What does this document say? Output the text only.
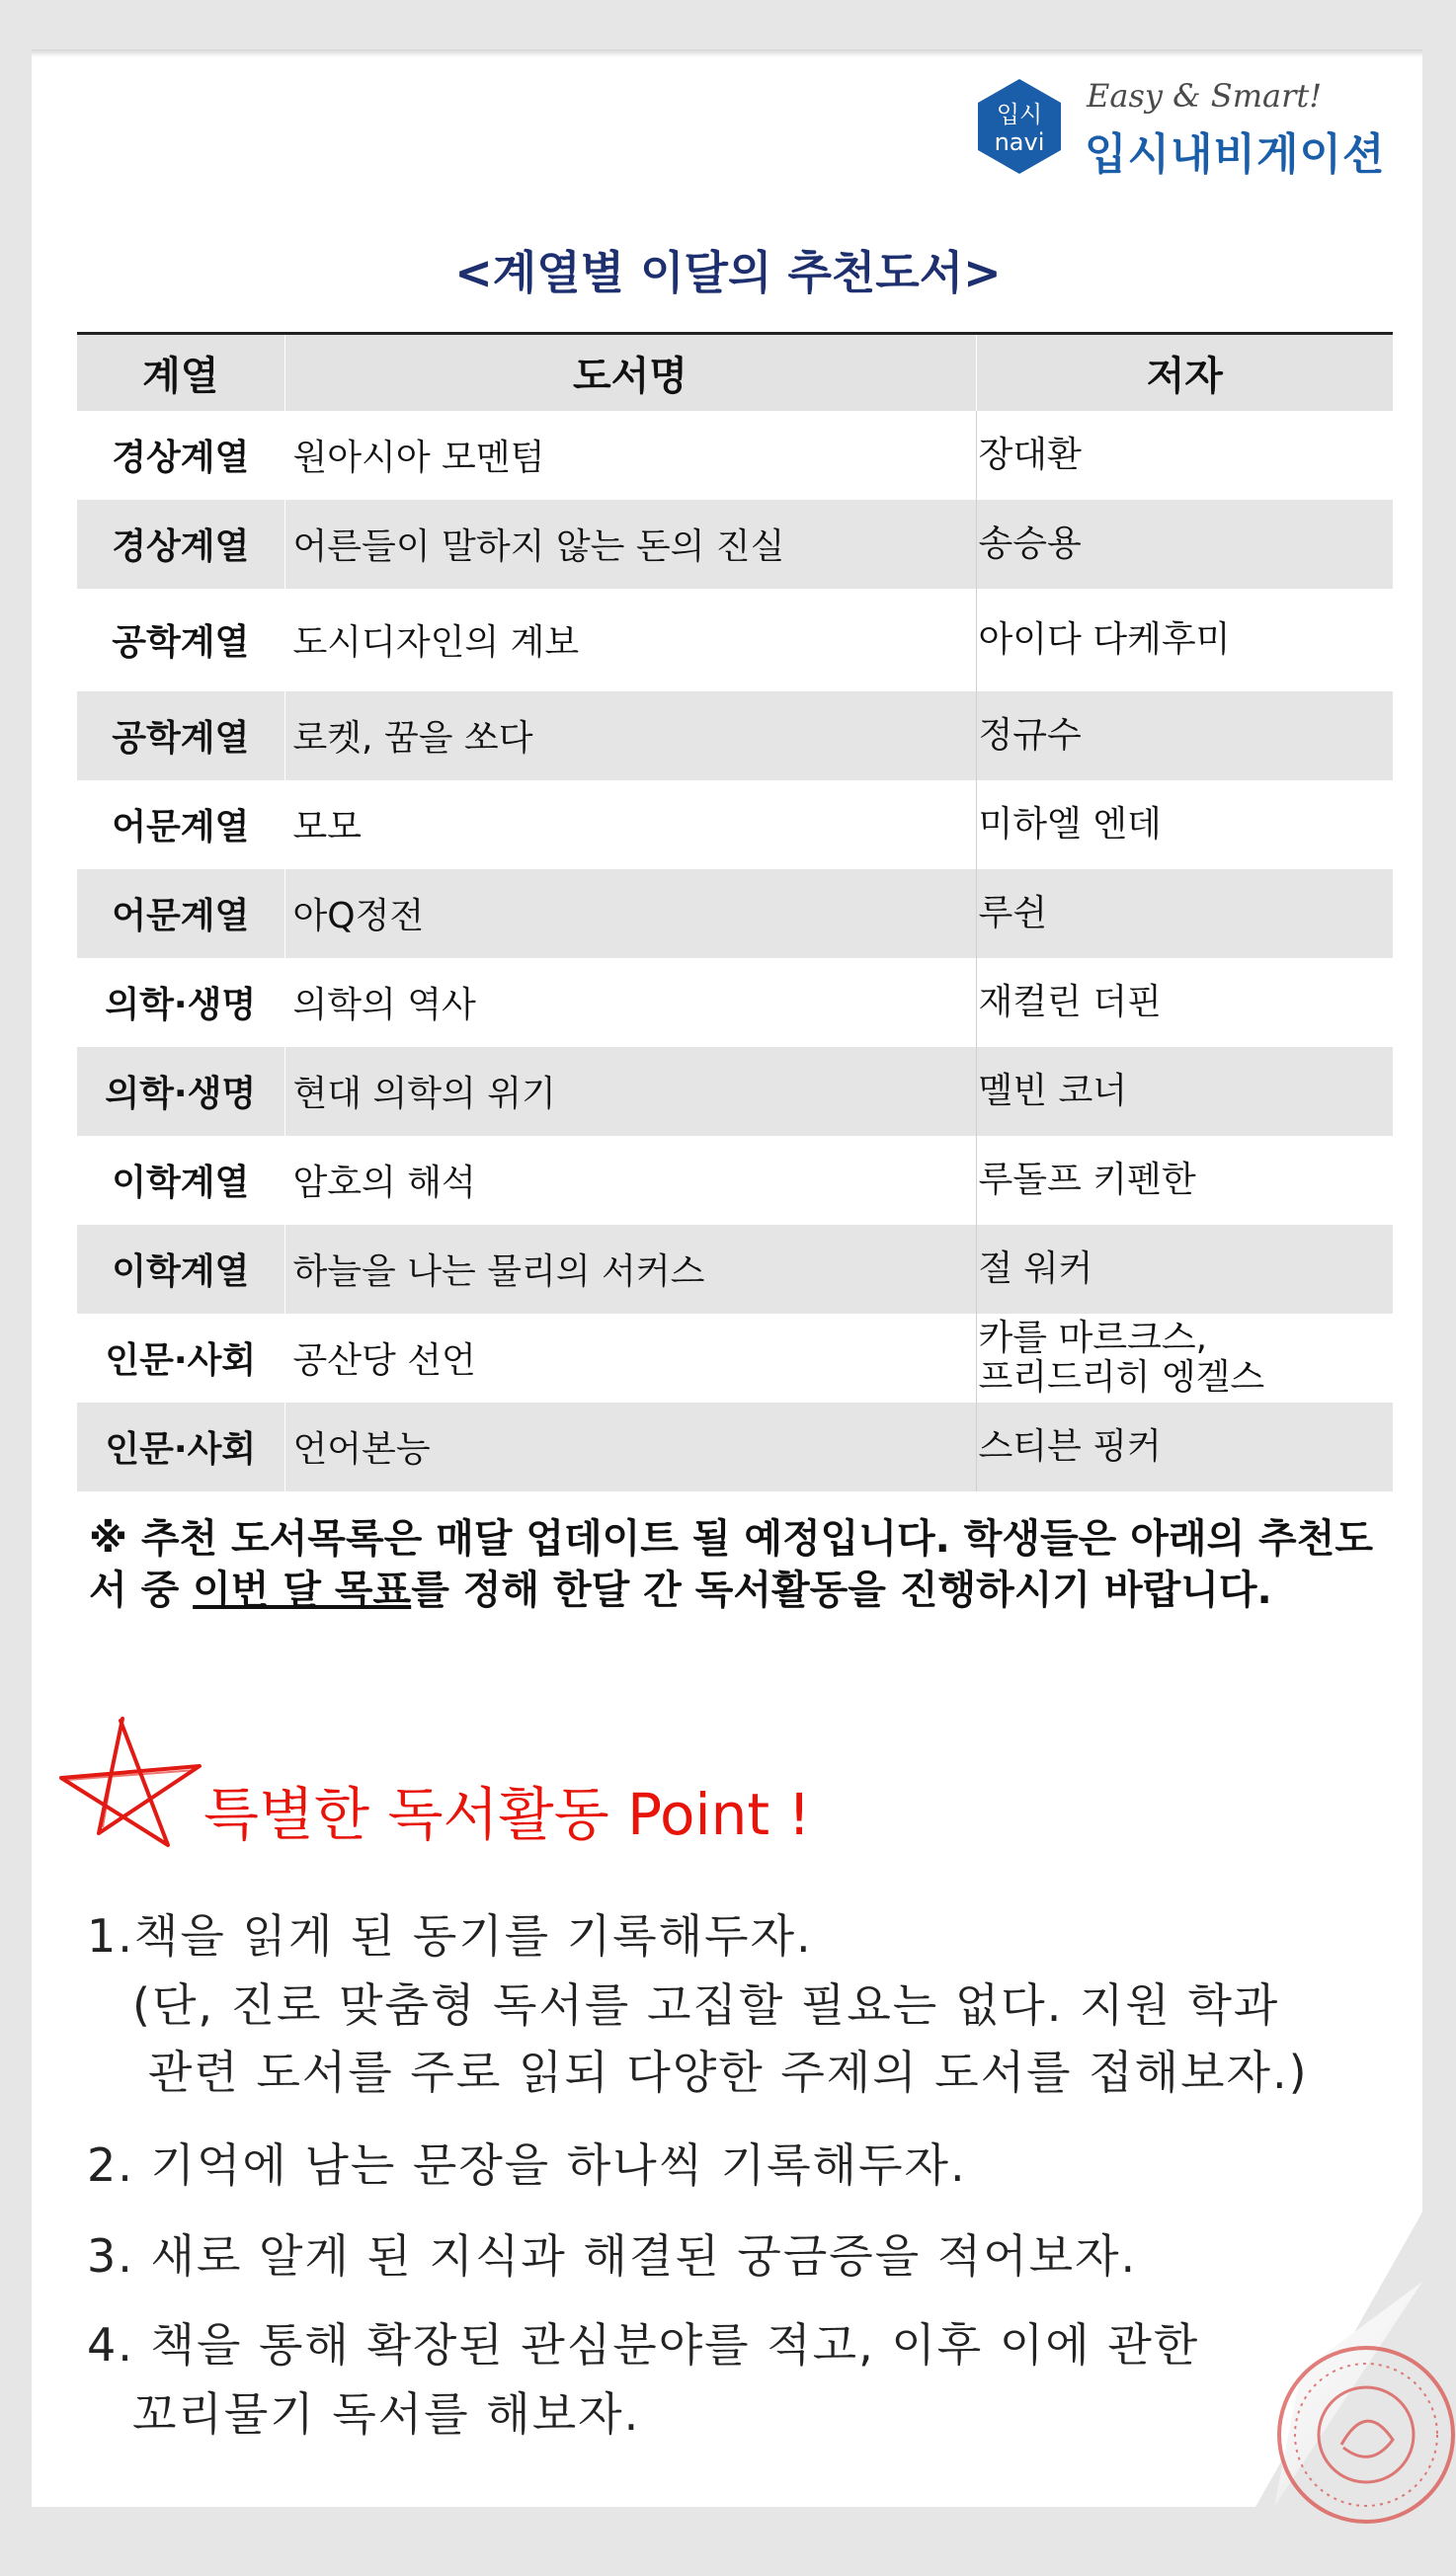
입시
navi
Easy & Smart!
입시내비게이션
<계열별 이달의 추천도서>
계열	도서명	저자
경상계열	원아시아 모멘텀	장대환
경상계열	어른들이 말하지 않는 돈의 진실	송승용
공학계열	도시디자인의 계보	아이다 다케후미
공학계열	로켓, 꿈을 쏘다	정규수
어문계열	모모	미하엘 엔데
어문계열	아Q정전	루쉰
의학·생명	의학의 역사	재컬린 더핀
의학·생명	현대 의학의 위기	멜빈 코너
이학계열	암호의 해석	루돌프 키펜한
이학계열	하늘을 나는 물리의 서커스	절 워커
인문·사회	공산당 선언	카를 마르크스,
프리드리히 엥겔스
인문·사회	언어본능	스티븐 핑커
※ 추천 도서목록은 매달 업데이트 될 예정입니다. 학생들은 아래의 추천도서 중 이번 달 목표를 정해 한달 간 독서활동을 진행하시기 바랍니다.
특별한 독서활동 Point !
1.책을 읽게 된 동기를 기록해두자.
(단, 진로 맞춤형 독서를 고집할 필요는 없다. 지원 학과
관련 도서를 주로 읽되 다양한 주제의 도서를 접해보자.)
2. 기억에 남는 문장을 하나씩 기록해두자.
3. 새로 알게 된 지식과 해결된 궁금증을 적어보자.
4. 책을 통해 확장된 관심분야를 적고, 이후 이에 관한
꼬리물기 독서를 해보자.
